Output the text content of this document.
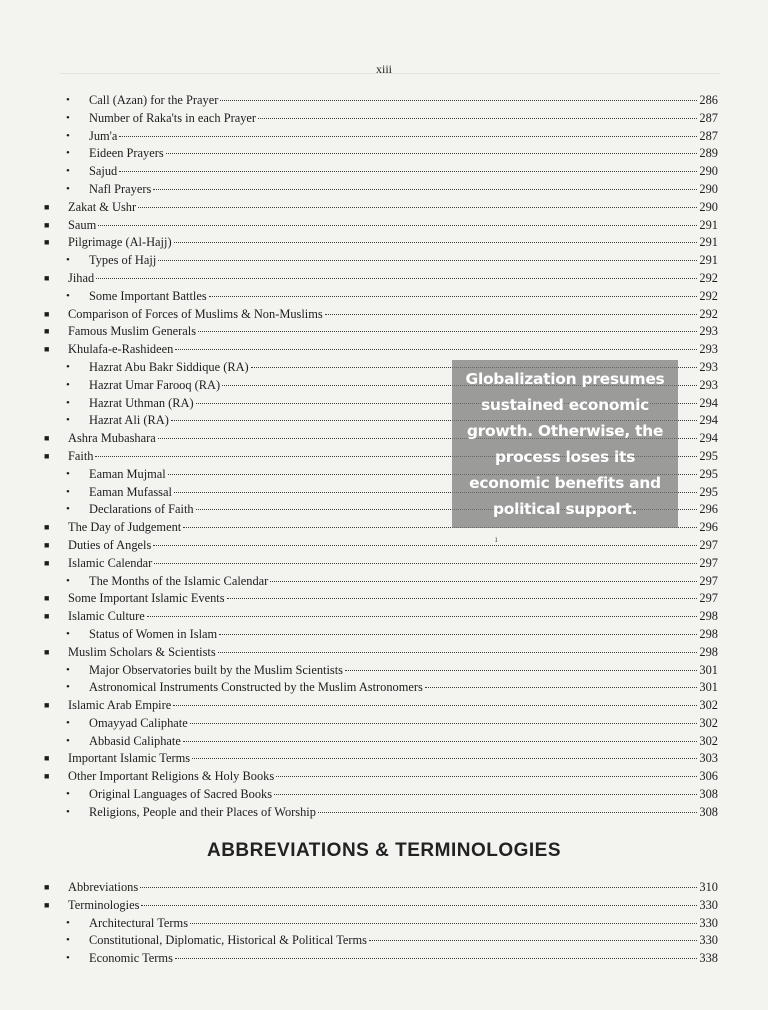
xiii
• Call (Azan) for the Prayer	286
• Number of Raka'ts in each Prayer	287
• Jum'a	287
• Eideen Prayers	289
• Sajud	290
• Nafl Prayers	290
■ Zakat & Ushr	290
■ Saum	291
■ Pilgrimage (Al-Hajj)	291
• Types of Hajj	291
■ Jihad	292
• Some Important Battles	292
■ Comparison of Forces of Muslims & Non-Muslims	292
■ Famous Muslim Generals	293
■ Khulafa-e-Rashideen	293
• Hazrat Abu Bakr Siddique (RA)	293
• Hazrat Umar Farooq (RA)	293
• Hazrat Uthman (RA)	294
• Hazrat Ali (RA)	294
■ Ashra Mubashara	294
■ Faith	295
• Eaman Mujmal	295
• Eaman Mufassal	295
• Declarations of Faith	296
■ The Day of Judgement	296
■ Duties of Angels	297
■ Islamic Calendar	297
• The Months of the Islamic Calendar	297
■ Some Important Islamic Events	297
■ Islamic Culture	298
• Status of Women in Islam	298
■ Muslim Scholars & Scientists	298
• Major Observatories built by the Muslim Scientists	301
• Astronomical Instruments Constructed by the Muslim Astronomers	301
■ Islamic Arab Empire	302
• Omayyad Caliphate	302
• Abbasid Caliphate	302
■ Important Islamic Terms	303
■ Other Important Religions & Holy Books	306
• Original Languages of Sacred Books	308
• Religions, People and their Places of Worship	308
ABBREVIATIONS & TERMINOLOGIES
■ Abbreviations	310
■ Terminologies	330
• Architectural Terms	330
• Constitutional, Diplomatic, Historical & Political Terms	330
• Economic Terms	338
Globalization presumes
sustained economic
growth. Otherwise, the
process loses its
economic benefits and
political support.
ı
